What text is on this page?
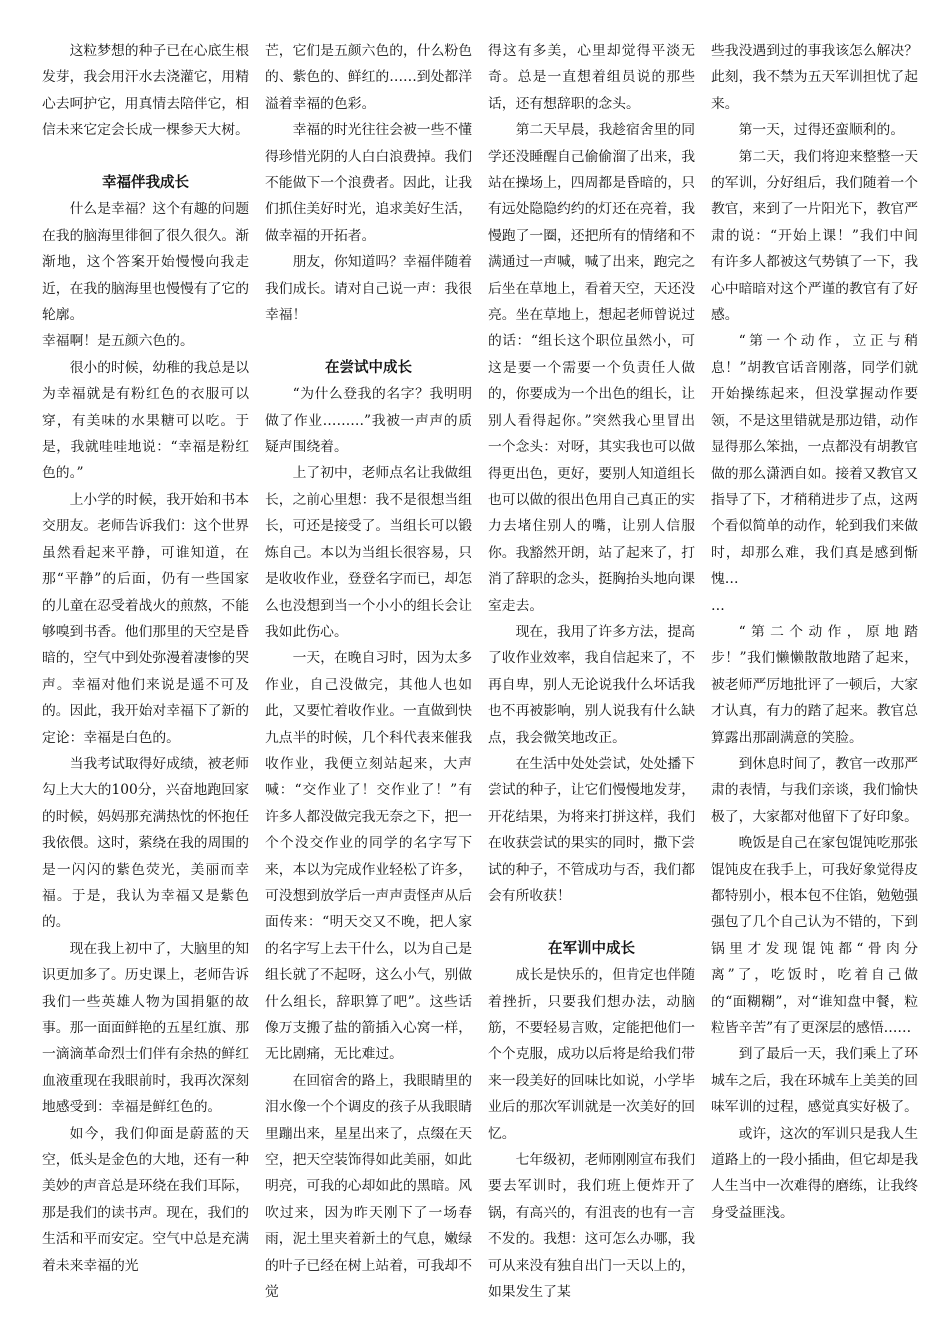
这粒梦想的种子已在心底生根发芽，我会用汗水去浇灌它，用精心去呵护它，用真情去陪伴它，相信未来它定会长成一棵参天大树。

幸福伴我成长

什么是幸福？这个有趣的问题在我的脑海里徘徊了很久很久。渐渐地，这个答案开始慢慢向我走近，在我的脑海里也慢慢有了它的轮廓。

幸福啊！是五颜六色的。

很小的时候，幼稚的我总是以为幸福就是有粉红色的衣服可以穿，有美味的水果糖可以吃。于是，我就哇哇地说：“幸福是粉红色的。”

上小学的时候，我开始和书本交朋友。老师告诉我们：这个世界虽然看起来平静，可谁知道，在那“平静”的后面，仍有一些国家的儿童在忍受着战火的煎熬，不能够嗅到书香。他们那里的天空是昏暗的，空气中到处弥漫着凄惨的哭声。幸福对他们来说是遥不可及的。因此，我开始对幸福下了新的定论：幸福是白色的。

当我考试取得好成绩，被老师勾上大大的100分，兴奋地跑回家的时候，妈妈那充满热忱的怀抱任我依偎。这时，萦绕在我的周围的是一闪闪的紫色荧光，美丽而幸福。于是，我认为幸福又是紫色的。

现在我上初中了，大脑里的知识更加多了。历史课上，老师告诉我们一些英雄人物为国捐躯的故事。那一面面鲜艳的五星红旗、那一滴滴革命烈士们伴有余热的鲜红血液重现在我眼前时，我再次深刻地感受到：幸福是鲜红色的。

如今，我们仰面是蔚蓝的天空，低头是金色的大地，还有一种美妙的声音总是环绕在我们耳际，那是我们的读书声。现在，我们的生活和平而安定。空气中总是充满着未来幸福的光

芒，它们是五颜六色的，什么粉色的、紫色的、鲜红的……到处都洋溢着幸福的色彩。

幸福的时光往往会被一些不懂得珍惜光阴的人白白浪费掉。我们不能做下一个浪费者。因此，让我们抓住美好时光，追求美好生活，做幸福的开拓者。

朋友，你知道吗？幸福伴随着我们成长。请对自己说一声：我很幸福！

在尝试中成长

“为什么登我的名字？我明明做了作业………”我被一声声的质疑声围绕着。

上了初中，老师点名让我做组长，之前心里想：我不是很想当组长，可还是接受了。当组长可以锻炼自己。本以为当组长很容易，只是收收作业，登登名字而已，却怎么也没想到当一个小小的组长会让我如此伤心。

一天，在晚自习时，因为太多作业，自己没做完，其他人也如此，又要忙着收作业。一直做到快九点半的时候，几个科代表来催我收作业，我便立刻站起来，大声喊：“交作业了！交作业了！”有许多人都没做完我无奈之下，把一个个没交作业的同学的名字写下来，本以为完成作业轻松了许多，可没想到放学后一声声责怪声从后面传来：“明天交又不晚，把人家的名字写上去干什么，以为自己是组长就了不起呀，这么小气，别做什么组长，辞职算了吧”。这些话像万支搬了盐的箭插入心窝一样，无比剧痛，无比难过。

在回宿舍的路上，我眼睛里的泪水像一个个调皮的孩子从我眼睛里蹦出来，星星出来了，点缀在天空，把天空装饰得如此美丽，如此明亮，可我的心却如此的黑暗。风吹过来，因为昨天刚下了一场春雨，泥土里夹着新土的气息，嫩绿的叶子已经在树上站着，可我却不觉

得这有多美，心里却觉得平淡无奇。总是一直想着组员说的那些话，还有想辞职的念头。

第二天早晨，我趁宿舍里的同学还没睡醒自己偷偷溜了出来，我站在操场上，四周都是昏暗的，只有远处隐隐约约的灯还在亮着，我慢跑了一圈，还把所有的情绪和不满通过一声喊，喊了出来，跑完之后坐在草地上，看着天空，天还没亮。坐在草地上，想起老师曾说过的话：“组长这个职位虽然小，可这是要一个需要一个负责任人做的，你要成为一个出色的组长，让别人看得起你。”突然我心里冒出一个念头：对呀，其实我也可以做得更出色，更好，要别人知道组长也可以做的很出色用自己真正的实力去堵住别人的嘴，让别人信服你。我豁然开朗，站了起来了，打消了辞职的念头，挺胸抬头地向课室走去。

现在，我用了许多方法，提高了收作业效率，我自信起来了，不再自卑，别人无论说我什么坏话我也不再被影响，别人说我有什么缺点，我会微笑地改正。

在生活中处处尝试，处处播下尝试的种子，让它们慢慢地发芽，开花结果，为将来打拼这样，我们在收获尝试的果实的同时，撒下尝试的种子，不管成功与否，我们都会有所收获！

在军训中成长

成长是快乐的，但肯定也伴随着挫折，只要我们想办法，动脑筋，不要轻易言败，定能把他们一个个克服，成功以后将是给我们带来一段美好的回味比如说，小学毕业后的那次军训就是一次美好的回忆。

七年级初，老师刚刚宣布我们要去军训时，我们班上便炸开了锅，有高兴的，有沮丧的也有一言不发的。我想：这可怎么办哪，我可从来没有独自出门一天以上的，如果发生了某

些我没遇到过的事我该怎么解决？此刻，我不禁为五天军训担忧了起来。

第一天，过得还蛮顺利的。

第二天，我们将迎来整整一天的军训，分好组后，我们随着一个教官，来到了一片阳光下，教官严肃的说：“开始上课！”我们中间有许多人都被这气势镇了一下，我心中暗暗对这个严谨的教官有了好感。

“第一个动作，立正与稍息！”胡教官话音刚落，同学们就开始操练起来，但没掌握动作要领，不是这里错就是那边错，动作显得那么笨拙，一点都没有胡教官做的那么潇洒自如。接着又教官又指导了下，才稍稍进步了点，这两个看似简单的动作，轮到我们来做时，却那么难，我们真是感到惭愧…

…

“第二个动作，原地踏步！”我们懒懒散散地踏了起来，被老师严厉地批评了一顿后，大家才认真，有力的踏了起来。教官总算露出那副满意的笑脸。

到休息时间了，教官一改那严肃的表情，与我们亲谈，我们愉快极了，大家都对他留下了好印象。

晚饭是自己在家包馄饨吃那张馄饨皮在我手上，可我好象觉得皮都特别小，根本包不住馅，勉勉强强包了几个自己认为不错的，下到锅里才发现馄饨都“骨肉分离”了，吃饭时，吃着自己做的“面糊糊”，对“谁知盘中餐，粒粒皆辛苦”有了更深层的感悟……

到了最后一天，我们乘上了环城车之后，我在环城车上美美的回味军训的过程，感觉真实好极了。

或许，这次的军训只是我人生道路上的一段小插曲，但它却是我人生当中一次难得的磨练，让我终身受益匪浅。
